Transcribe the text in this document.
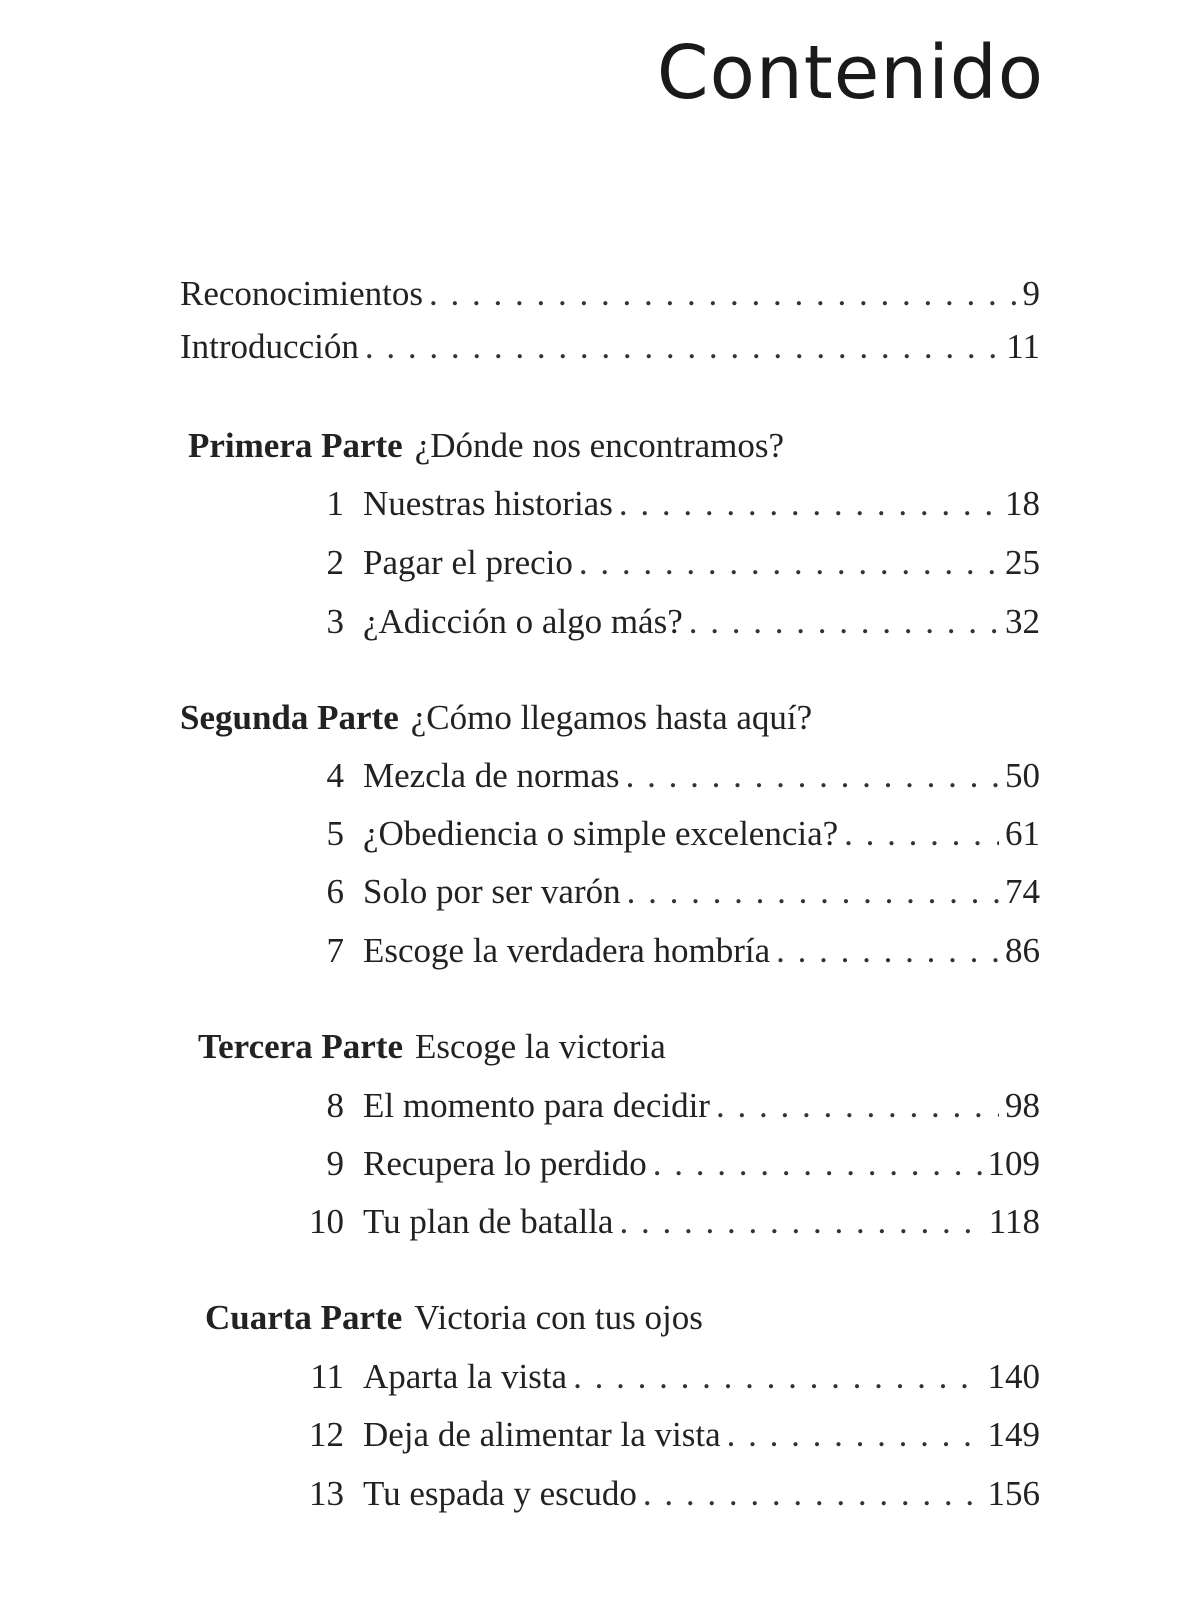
Contenido
Reconocimientos . . .	9
Introducción . . .	11
Primera Parte ¿Dónde nos encontramos?
1 Nuestras historias . . .	18
2 Pagar el precio . . .	25
3 ¿Adicción o algo más? . . .	32
Segunda Parte ¿Cómo llegamos hasta aquí?
4 Mezcla de normas . . .	50
5 ¿Obediencia o simple excelencia? . . .	61
6 Solo por ser varón . . .	74
7 Escoge la verdadera hombría . . .	86
Tercera Parte Escoge la victoria
8 El momento para decidir . . .	98
9 Recupera lo perdido . . .	109
10 Tu plan de batalla . . .	118
Cuarta Parte Victoria con tus ojos
11 Aparta la vista . . .	140
12 Deja de alimentar la vista . . .	149
13 Tu espada y escudo . . .	156
